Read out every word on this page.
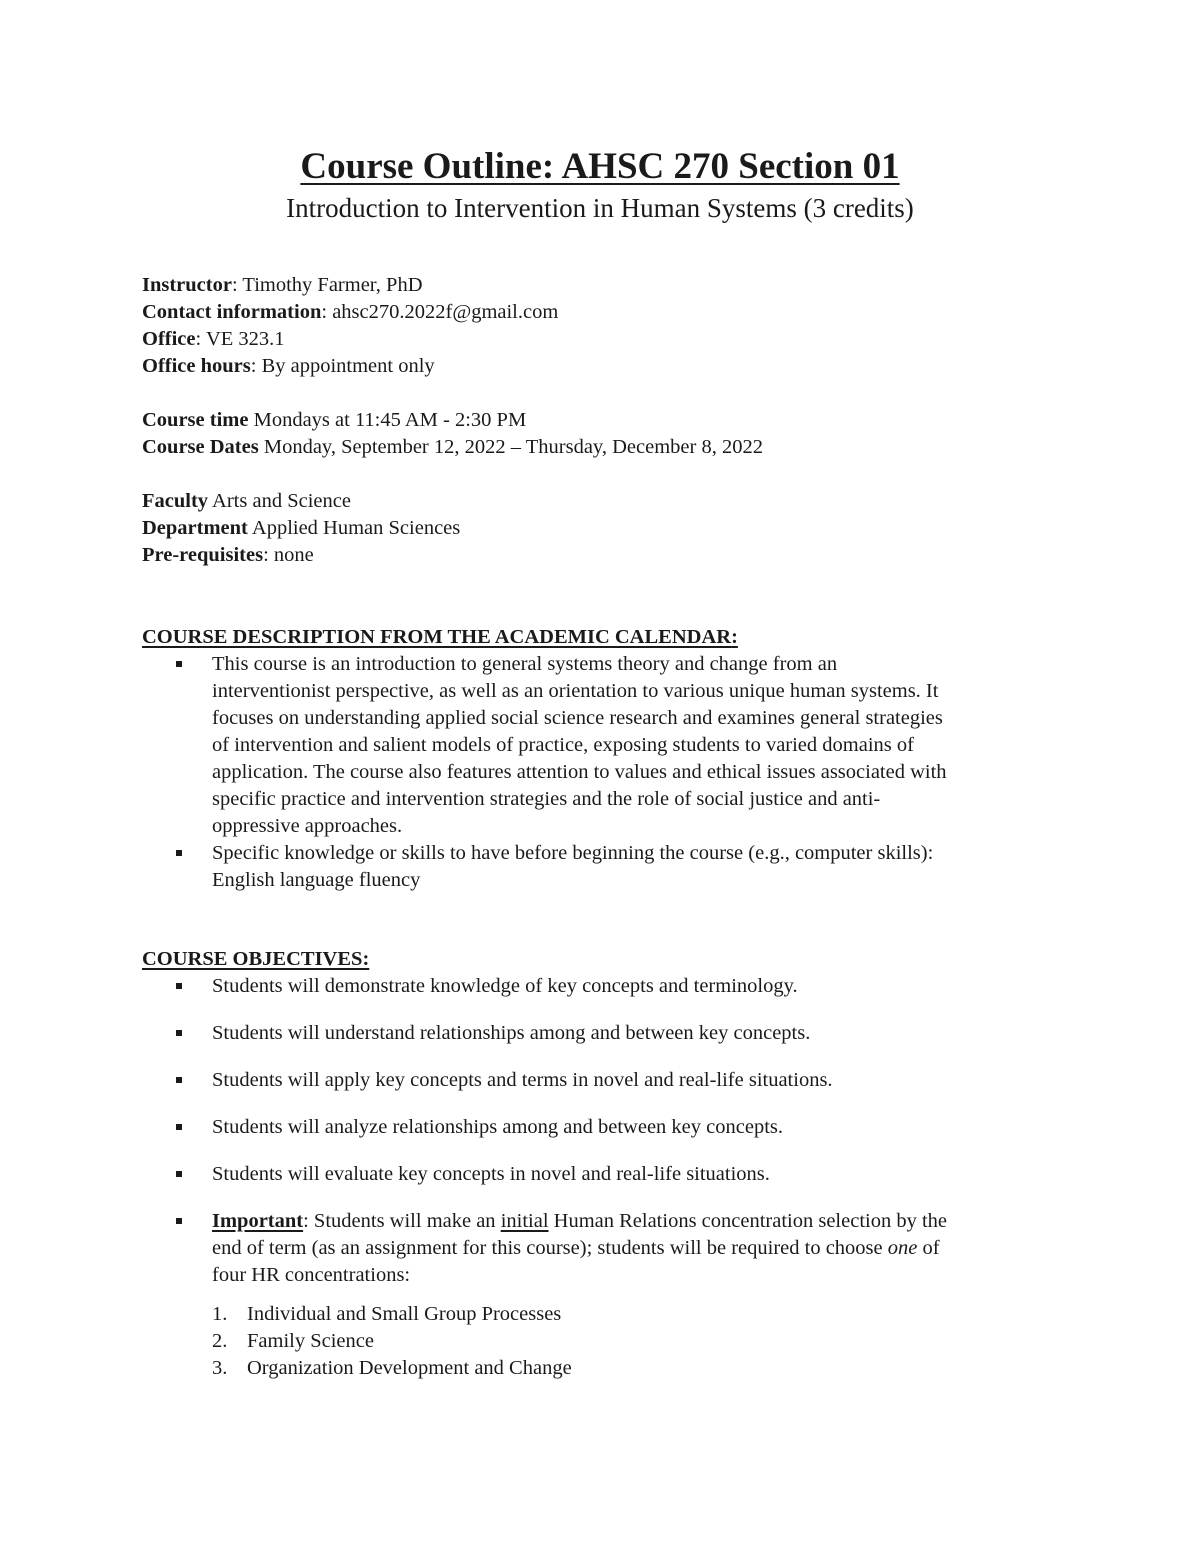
Course Outline: AHSC 270 Section 01
Introduction to Intervention in Human Systems (3 credits)
Instructor: Timothy Farmer, PhD
Contact information: ahsc270.2022f@gmail.com
Office: VE 323.1
Office hours: By appointment only
Course time Mondays at 11:45 AM - 2:30 PM
Course Dates Monday, September 12, 2022 – Thursday, December 8, 2022
Faculty Arts and Science
Department Applied Human Sciences
Pre-requisites: none
COURSE DESCRIPTION FROM THE ACADEMIC CALENDAR:
This course is an introduction to general systems theory and change from an
interventionist perspective, as well as an orientation to various unique human systems. It
focuses on understanding applied social science research and examines general strategies
of intervention and salient models of practice, exposing students to varied domains of
application. The course also features attention to values and ethical issues associated with
specific practice and intervention strategies and the role of social justice and anti-
oppressive approaches.
Specific knowledge or skills to have before beginning the course (e.g., computer skills):
English language fluency
COURSE OBJECTIVES:
Students will demonstrate knowledge of key concepts and terminology.
Students will understand relationships among and between key concepts.
Students will apply key concepts and terms in novel and real-life situations.
Students will analyze relationships among and between key concepts.
Students will evaluate key concepts in novel and real-life situations.
Important: Students will make an initial Human Relations concentration selection by the
end of term (as an assignment for this course); students will be required to choose one of
four HR concentrations:
1. Individual and Small Group Processes
2. Family Science
3. Organization Development and Change
